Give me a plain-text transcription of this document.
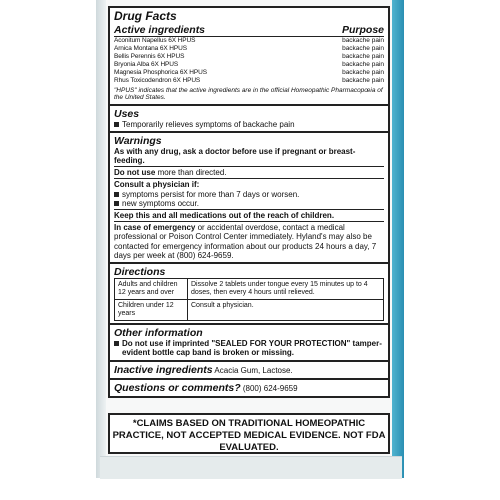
Drug Facts
Active ingredients	Purpose
Aconitum Napellus 6X HPUS	backache pain
Arnica Montana 6X HPUS	backache pain
Bellis Perennis 6X HPUS	backache pain
Bryonia Alba 6X HPUS	backache pain
Magnesia Phosphorica 6X HPUS	backache pain
Rhus Toxicodendron 6X HPUS	backache pain
"HPUS" indicates that the active ingredients are in the official Homeopathic Pharmacopœia of the United States.
Uses
Temporarily relieves symptoms of backache pain
Warnings
As with any drug, ask a doctor before use if pregnant or breast-feeding.
Do not use more than directed.
Consult a physician if:
symptoms persist for more than 7 days or worsen.
new symptoms occur.
Keep this and all medications out of the reach of children.
In case of emergency or accidental overdose, contact a medical professional or Poison Control Center immediately. Hyland's may also be contacted for emergency information about our products 24 hours a day, 7 days per week at (800) 624-9659.
Directions
Adults and children 12 years and over	Dissolve 2 tablets under tongue every 15 minutes up to 4 doses, then every 4 hours until relieved.
Children under 12 years	Consult a physician.
Other information
Do not use if imprinted "SEALED FOR YOUR PROTECTION" tamper-evident bottle cap band is broken or missing.
Inactive ingredients Acacia Gum, Lactose.
Questions or comments? (800) 624-9659
*CLAIMS BASED ON TRADITIONAL HOMEOPATHIC PRACTICE, NOT ACCEPTED MEDICAL EVIDENCE. NOT FDA EVALUATED.
